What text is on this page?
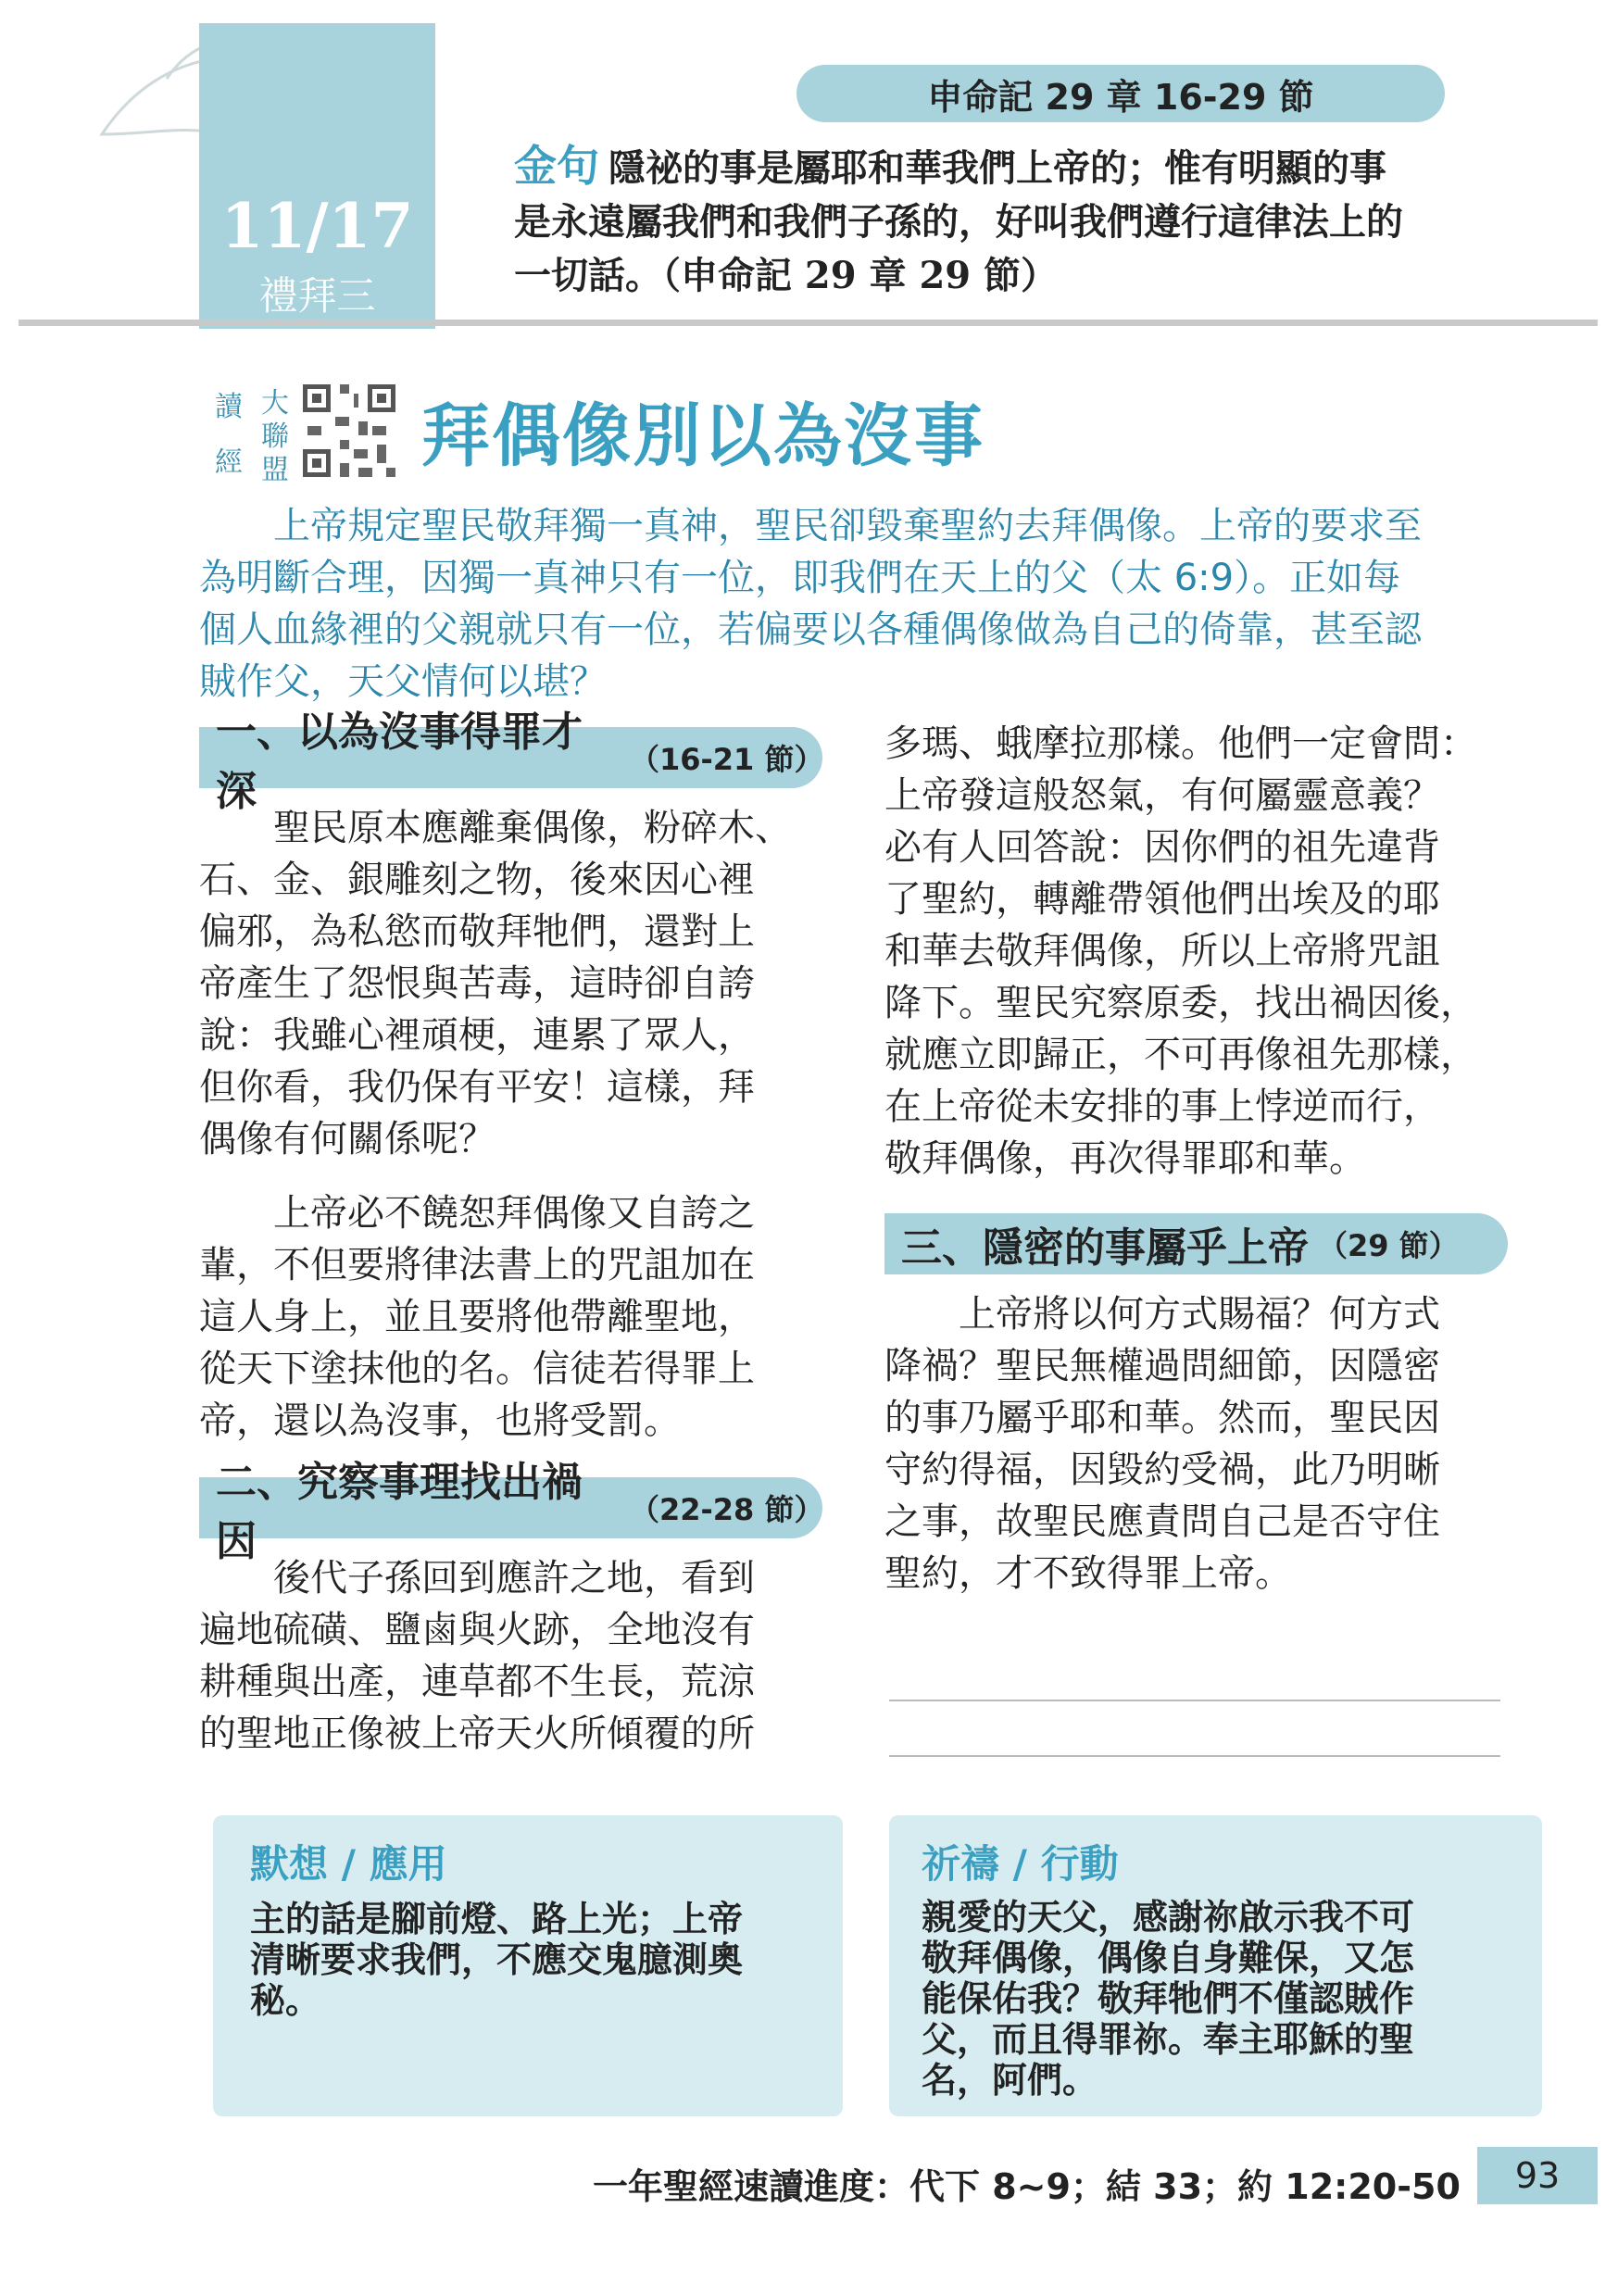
11/17
禮拜三
申命記 29 章 16-29 節
金句 隱祕的事是屬耶和華我們上帝的；惟有明顯的事
是永遠屬我們和我們子孫的，好叫我們遵行這律法上的
一切話。（申命記 29 章 29 節）
讀
經
大
聯
盟 拜偶像別以為沒事
上帝規定聖民敬拜獨一真神，聖民卻毀棄聖約去拜偶像。上帝的要求至
為明斷合理，因獨一真神只有一位，即我們在天上的父（太 6:9）。正如每
個人血緣裡的父親就只有一位，若偏要以各種偶像做為自己的倚靠，甚至認
賊作父，天父情何以堪？
一、以為沒事得罪才深
（16-21 節）
聖民原本應離棄偶像，粉碎木、
石、金、銀雕刻之物，後來因心裡
偏邪，為私慾而敬拜牠們，還對上
帝產生了怨恨與苦毒，這時卻自誇
說：我雖心裡頑梗，連累了眾人，
但你看，我仍保有平安！這樣，拜
偶像有何關係呢？
上帝必不饒恕拜偶像又自誇之
輩，不但要將律法書上的咒詛加在
這人身上，並且要將他帶離聖地，
從天下塗抹他的名。信徒若得罪上
帝，還以為沒事，也將受罰。
二、究察事理找出禍因
（22-28 節）
後代子孫回到應許之地，看到
遍地硫磺、鹽鹵與火跡，全地沒有
耕種與出產，連草都不生長，荒涼
的聖地正像被上帝天火所傾覆的所
多瑪、蛾摩拉那樣。他們一定會問：
上帝發這般怒氣，有何屬靈意義？
必有人回答說：因你們的祖先違背
了聖約，轉離帶領他們出埃及的耶
和華去敬拜偶像，所以上帝將咒詛
降下。聖民究察原委，找出禍因後，
就應立即歸正，不可再像祖先那樣，
在上帝從未安排的事上悖逆而行，
敬拜偶像，再次得罪耶和華。
三、隱密的事屬乎上帝 （29 節）
上帝將以何方式賜福？何方式
降禍？聖民無權過問細節，因隱密
的事乃屬乎耶和華。然而，聖民因
守約得福，因毀約受禍，此乃明晰
之事，故聖民應責問自己是否守住
聖約，才不致得罪上帝。
默想 / 應用
主的話是腳前燈、路上光；上帝
清晰要求我們，不應交鬼臆測奧
秘。
祈禱 / 行動
親愛的天父，感謝祢啟示我不可
敬拜偶像，偶像自身難保，又怎
能保佑我？敬拜牠們不僅認賊作
父，而且得罪祢。奉主耶穌的聖
名，阿們。
一年聖經速讀進度：代下 8~9；結 33；約 12:20-50	93
